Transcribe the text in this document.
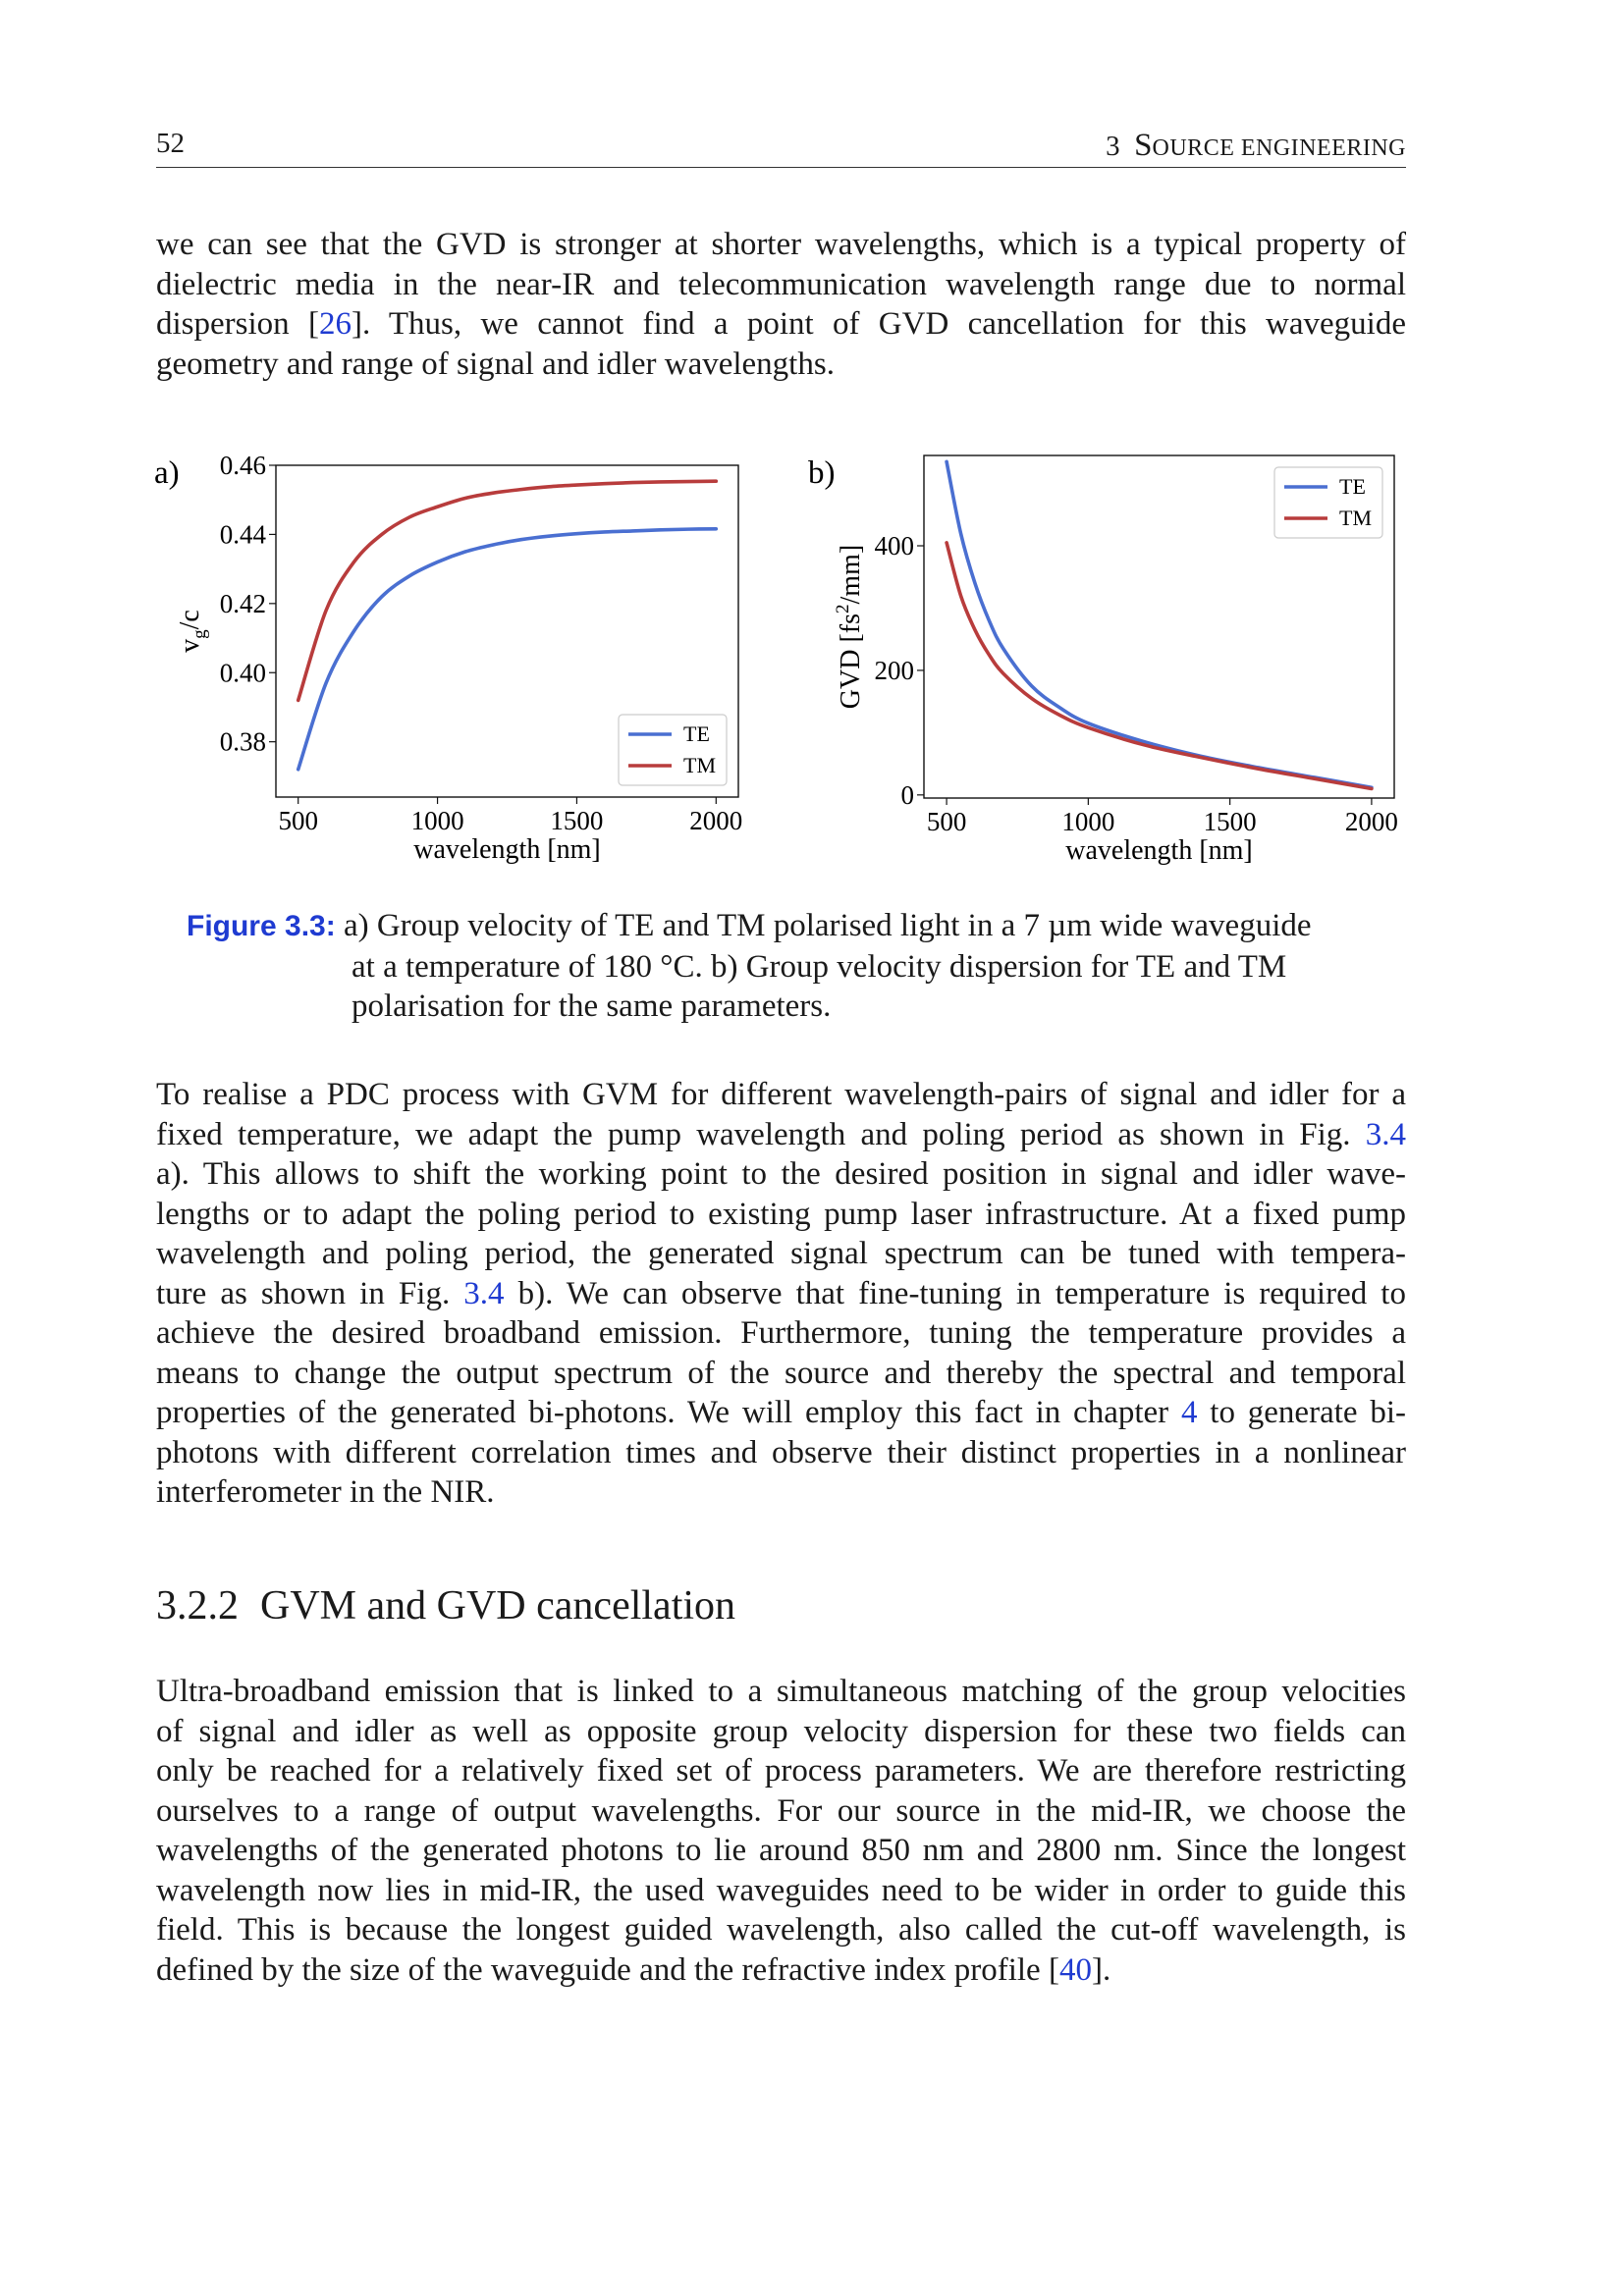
52	3 SOURCE ENGINEERING

we can see that the GVD is stronger at shorter wavelengths, which is a typical property of
dielectric media in the near-IR and telecommunication wavelength range due to normal
dispersion [26]. Thus, we cannot find a point of GVD cancellation for this waveguide
geometry and range of signal and idler wavelengths.

a)	b)
500	1000	1500	2000
0.38
0.40
0.42
0.44
0.46
wavelength [nm]
$v_g/c$
TE
TM
500	1000	1500	2000
0
200
400
wavelength [nm]
GVD $[fs^2/mm]$
TE
TM
Figure 3.3: a) Group velocity of TE and TM polarised light in a 7 µm wide waveguide
at a temperature of 180 °C. b) Group velocity dispersion for TE and TM
polarisation for the same parameters.

To realise a PDC process with GVM for different wavelength-pairs of signal and idler for a
fixed temperature, we adapt the pump wavelength and poling period as shown in Fig. 3.4
a). This allows to shift the working point to the desired position in signal and idler wave-
lengths or to adapt the poling period to existing pump laser infrastructure. At a fixed pump
wavelength and poling period, the generated signal spectrum can be tuned with tempera-
ture as shown in Fig. 3.4 b). We can observe that fine-tuning in temperature is required to
achieve the desired broadband emission. Furthermore, tuning the temperature provides a
means to change the output spectrum of the source and thereby the spectral and temporal
properties of the generated bi-photons. We will employ this fact in chapter 4 to generate bi-
photons with different correlation times and observe their distinct properties in a nonlinear
interferometer in the NIR.

3.2.2 GVM and GVD cancellation

Ultra-broadband emission that is linked to a simultaneous matching of the group velocities
of signal and idler as well as opposite group velocity dispersion for these two fields can
only be reached for a relatively fixed set of process parameters. We are therefore restricting
ourselves to a range of output wavelengths. For our source in the mid-IR, we choose the
wavelengths of the generated photons to lie around 850 nm and 2800 nm. Since the longest
wavelength now lies in mid-IR, the used waveguides need to be wider in order to guide this
field. This is because the longest guided wavelength, also called the cut-off wavelength, is
defined by the size of the waveguide and the refractive index profile [40].
